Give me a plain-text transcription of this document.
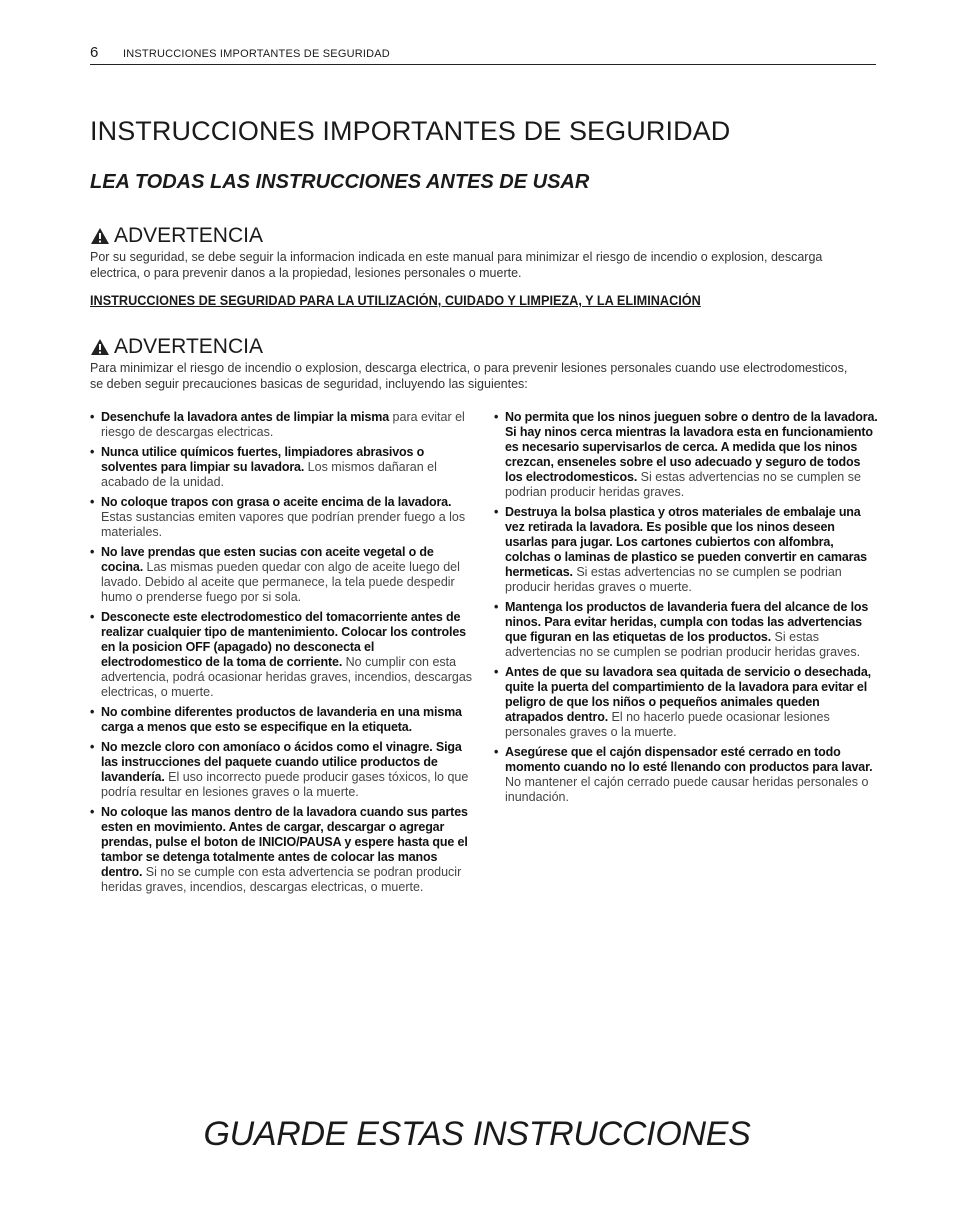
6 INSTRUCCIONES IMPORTANTES DE SEGURIDAD
INSTRUCCIONES IMPORTANTES DE SEGURIDAD
LEA TODAS LAS INSTRUCCIONES ANTES DE USAR
ADVERTENCIA

Por su seguridad, se debe seguir la informacion indicada en este manual para minimizar el riesgo de incendio o explosion, descarga electrica, o para prevenir danos a la propiedad, lesiones personales o muerte.

INSTRUCCIONES DE SEGURIDAD PARA LA UTILIZACIÓN, CUIDADO Y LIMPIEZA, Y LA ELIMINACIÓN
ADVERTENCIA

Para minimizar el riesgo de incendio o explosion, descarga electrica, o para prevenir lesiones personales cuando use electrodomesticos, se deben seguir precauciones basicas de seguridad, incluyendo las siguientes:

• Desenchufe la lavadora antes de limpiar la misma para evitar el riesgo de descargas electricas.
• Nunca utilice químicos fuertes, limpiadores abrasivos o solventes para limpiar su lavadora. Los mismos dañaran el acabado de la unidad.
• No coloque trapos con grasa o aceite encima de la lavadora. Estas sustancias emiten vapores que podrían prender fuego a los materiales.
• No lave prendas que esten sucias con aceite vegetal o de cocina. Las mismas pueden quedar con algo de aceite luego del lavado. Debido al aceite que permanece, la tela puede despedir humo o prenderse fuego por si sola.
• Desconecte este electrodomestico del tomacorriente antes de realizar cualquier tipo de mantenimiento. Colocar los controles en la posicion OFF (apagado) no desconecta el electrodomestico de la toma de corriente. No cumplir con esta advertencia, podrá ocasionar heridas graves, incendios, descargas electricas, o muerte.
• No combine diferentes productos de lavanderia en una misma carga a menos que esto se especifique en la etiqueta.
• No mezcle cloro con amoníaco o ácidos como el vinagre. Siga las instrucciones del paquete cuando utilice productos de lavandería. El uso incorrecto puede producir gases tóxicos, lo que podría resultar en lesiones graves o la muerte.
• No coloque las manos dentro de la lavadora cuando sus partes esten en movimiento. Antes de cargar, descargar o agregar prendas, pulse el boton de INICIO/PAUSA y espere hasta que el tambor se detenga totalmente antes de colocar las manos dentro. Si no se cumple con esta advertencia se podran producir heridas graves, incendios, descargas electricas, o muerte.
• No permita que los ninos jueguen sobre o dentro de la lavadora. Si hay ninos cerca mientras la lavadora esta en funcionamiento es necesario supervisarlos de cerca. A medida que los ninos crezcan, enseneles sobre el uso adecuado y seguro de todos los electrodomesticos. Si estas advertencias no se cumplen se podrian producir heridas graves.
• Destruya la bolsa plastica y otros materiales de embalaje una vez retirada la lavadora. Es posible que los ninos deseen usarlas para jugar. Los cartones cubiertos con alfombra, colchas o laminas de plastico se pueden convertir en camaras hermeticas. Si estas advertencias no se cumplen se podrian producir heridas graves o muerte.
• Mantenga los productos de lavanderia fuera del alcance de los ninos. Para evitar heridas, cumpla con todas las advertencias que figuran en las etiquetas de los productos. Si estas advertencias no se cumplen se podrian producir heridas graves.
• Antes de que su lavadora sea quitada de servicio o desechada, quite la puerta del compartimiento de la lavadora para evitar el peligro de que los niños o pequeños animales queden atrapados dentro. El no hacerlo puede ocasionar lesiones personales graves o la muerte.
• Asegúrese que el cajón dispensador esté cerrado en todo momento cuando no lo esté llenando con productos para lavar. No mantener el cajón cerrado puede causar heridas personales o inundación.
GUARDE ESTAS INSTRUCCIONES
